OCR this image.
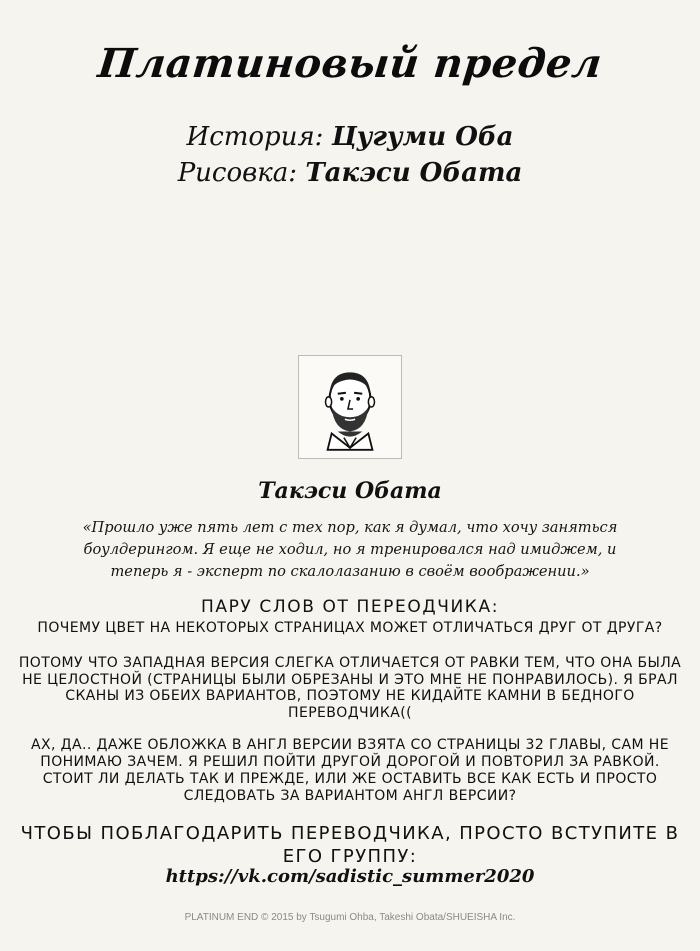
Платиновый предел
История: Цугуми Оба
Рисовка: Такэси Обата
Такэси Обата
«Прошло уже пять лет с тех пор, как я думал, что хочу заняться
боулдерингом. Я еще не ходил, но я тренировался над имиджем, и
теперь я - эксперт по скалолазанию в своём воображении.»
ПАРУ СЛОВ ОТ ПЕРЕОДЧИКА:
ПОЧЕМУ ЦВЕТ НА НЕКОТОРЫХ СТРАНИЦАХ МОЖЕТ ОТЛИЧАТЬСЯ ДРУГ ОТ ДРУГА?
ПОТОМУ ЧТО ЗАПАДНАЯ ВЕРСИЯ СЛЕГКА ОТЛИЧАЕТСЯ ОТ РАВКИ ТЕМ, ЧТО ОНА БЫЛА НЕ ЦЕЛОСТНОЙ (СТРАНИЦЫ БЫЛИ ОБРЕЗАНЫ И ЭТО МНЕ НЕ ПОНРАВИЛОСЬ). Я БРАЛ СКАНЫ ИЗ ОБЕИХ ВАРИАНТОВ, ПОЭТОМУ НЕ КИДАЙТЕ КАМНИ В БЕДНОГО ПЕРЕВОДЧИКА((
АХ, ДА.. ДАЖЕ ОБЛОЖКА В АНГЛ ВЕРСИИ ВЗЯТА СО СТРАНИЦЫ 32 ГЛАВЫ, САМ НЕ ПОНИМАЮ ЗАЧЕМ. Я РЕШИЛ ПОЙТИ ДРУГОЙ ДОРОГОЙ И ПОВТОРИЛ ЗА РАВКОЙ. СТОИТ ЛИ ДЕЛАТЬ ТАК И ПРЕЖДЕ, ИЛИ ЖЕ ОСТАВИТЬ ВСЕ КАК ЕСТЬ И ПРОСТО СЛЕДОВАТЬ ЗА ВАРИАНТОМ АНГЛ ВЕРСИИ?
ЧТОБЫ ПОБЛАГОДАРИТЬ ПЕРЕВОДЧИКА, ПРОСТО ВСТУПИТЕ В ЕГО ГРУППУ:
https://vk.com/sadistic_summer2020
PLATINUM END © 2015 by Tsugumi Ohba, Takeshi Obata/SHUEISHA Inc.
